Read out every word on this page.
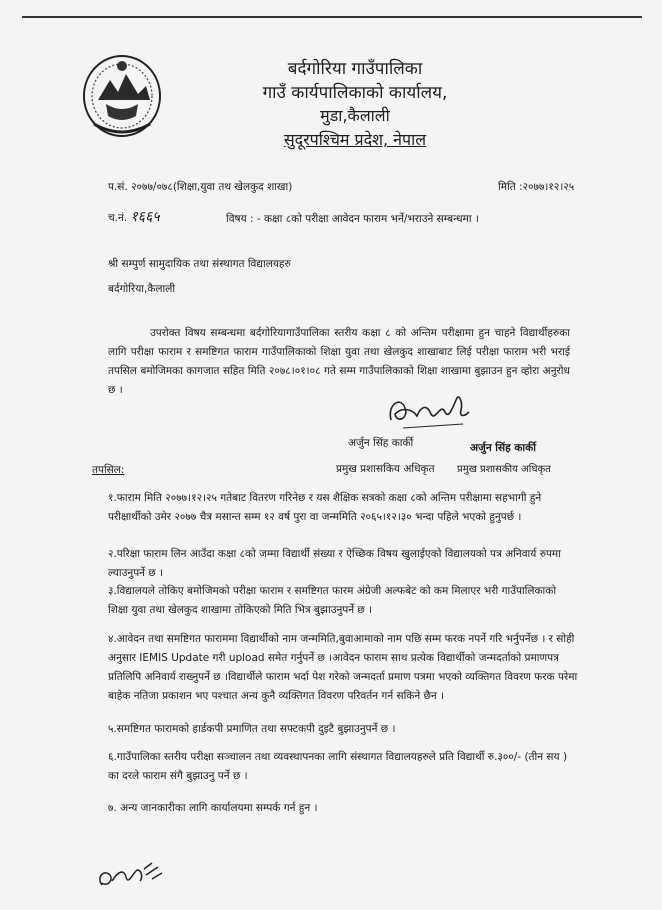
बर्दगोरिया गाउँपालिका
गाउँ कार्यपालिकाको कार्यालय,
मुडा,कैलाली
सुदूरपश्चिम प्रदेश, नेपाल
प.सं. २०७७/०७८(शिक्षा,युवा तथ खेलकुद शाखा)	मिति :२०७७।१२।२५
च.नं. १६६५	विषय : - कक्षा ८को परीक्षा आवेदन फाराम भर्ने/भराउने सम्बन्धमा ।
श्री सम्पुर्ण सामुदायिक तथा संस्थागत विद्यालयहरु
बर्दगोरिया,कैलाली
उपरोक्त विषय सम्बन्धमा बर्दगोरियागाउँपालिका स्तरीय कक्षा ८ को अन्तिम परीक्षामा हुन चाहने विद्यार्थीहरुका लागि परीक्षा फाराम र समष्टिगत फाराम गाउँपालिकाको शिक्षा युवा तथा खेलकुद शाखाबाट लिई परीक्षा फाराम भरी भराई तपसिल बमोजिमका कागजात सहित मिति २०७८।०१।०८ गते सम्म गाउँपालिकाको शिक्षा शाखामा बुझाउन हुन व्होरा अनुरोध छ ।
अर्जुन सिंह कार्की
प्रमुख प्रशासकिय अधिकृत
अर्जुन सिंह कार्की
प्रमुख प्रशासकीय अधिकृत
तपसिल:
१.फाराम मिति २०७७।१२।२५ गतेबाट वितरण गरिनेछ र यस शैक्षिक सत्रको कक्षा ८को अन्तिम परीक्षामा सहभागी हुने परीक्षार्थीको उमेर २०७७ चैत्र मसान्त सम्म १२ वर्ष पुरा वा जन्ममिति २०६५।१२।३० भन्दा पहिले भएको हुनुपर्छ ।
२.परिक्षा फाराम लिन आउँदा कक्षा ८को जम्मा विद्यार्थी संख्या र ऐच्छिक विषय खुलाईएको विद्यालयको पत्र अनिवार्य रुपमा ल्याउनुपर्ने छ ।
३.विद्यालयले तोकिए बमोजिमको परीक्षा फाराम र समष्टिगत फारम अंग्रेजी अल्फबेट को कम मिलाएर भरी गाउँपालिकाको शिक्षा युवा तथा खेलकुद शाखामा तोकिएको मिति भित्र बुझाउनुपर्ने छ ।
४.आवेदन तथा समष्टिगत फाराममा विद्यार्थीको नाम जन्ममिति,बुवाआमाको नाम पछि सम्म फरक नपर्ने गरि भर्नुपर्नेछ । र सोही अनुसार IEMIS Update गरी upload समेत गर्नुपर्ने छ ।आवेदन फाराम साथ प्रत्येक विद्यार्थीको जन्मदर्ताको प्रमाणपत्र प्रतिलिपि अनिवार्य राख्नुपर्ने छ ।विद्यार्थीले फाराम भर्दा पेश गरेको जन्मदर्ता प्रमाण पत्रमा भएको व्यक्तिगत विवरण फरक परेमा बाहेक नतिजा प्रकाशन भए पश्चात अन्य कुनै व्यक्तिगत विवरण परिवर्तन गर्न सकिने छैन ।
५.समष्टिगत फारामको हार्डकपी प्रमाणित तथा सफ्टकपी दुइटै बुझाउनुपर्ने छ ।
६.गाउँपालिका स्तरीय परीक्षा सञ्चालन तथा व्यवस्थापनका लागि संस्थागत विद्यालयहरुले प्रति विद्यार्थी रु.३००/- (तीन सय ) का दरले फाराम संगै बुझाउनु पर्ने छ ।
७. अन्य जानकारीका लागि कार्यालयमा सम्पर्क गर्न हुन ।
